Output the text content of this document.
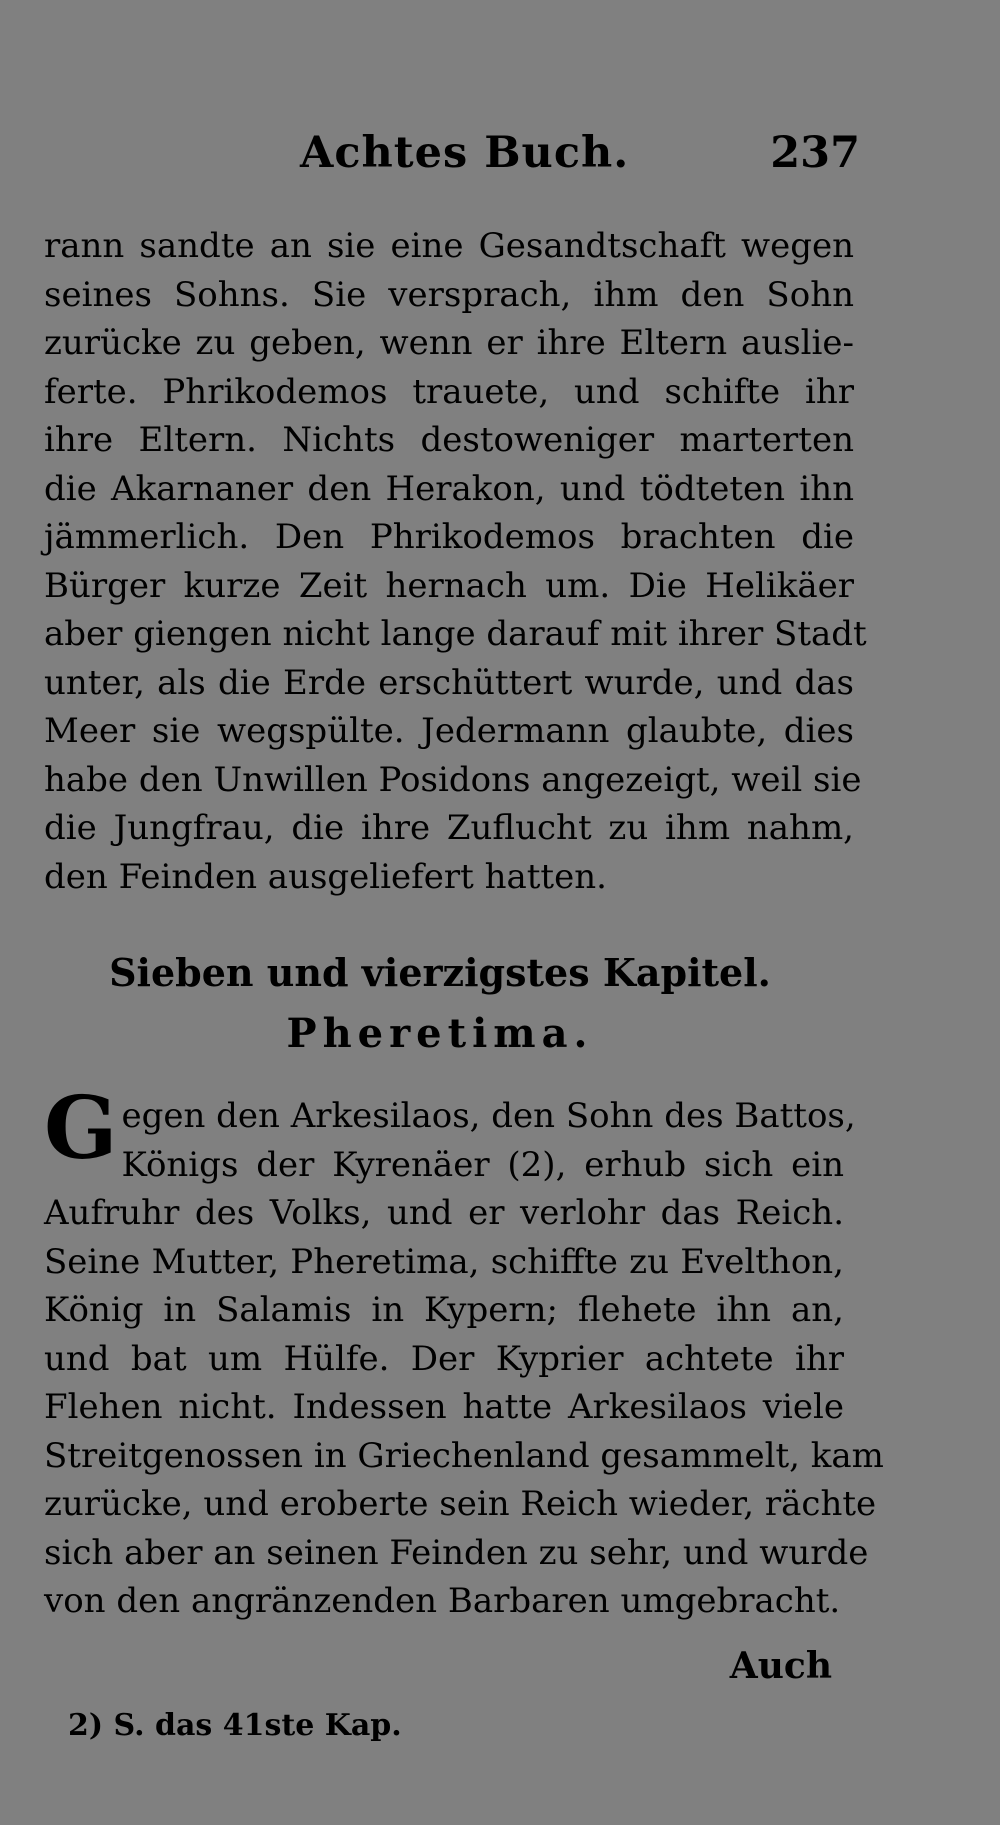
Achtes Buch.	237
rann sandte an sie eine Gesandtschaft wegen
seines Sohns. Sie versprach, ihm den Sohn
zurücke zu geben, wenn er ihre Eltern auslie-
ferte. Phrikodemos trauete, und schifte ihr
ihre Eltern. Nichts destoweniger marterten
die Akarnaner den Herakon, und tödteten ihn
jämmerlich. Den Phrikodemos brachten die
Bürger kurze Zeit hernach um. Die Helikäer
aber giengen nicht lange darauf mit ihrer Stadt
unter, als die Erde erschüttert wurde, und das
Meer sie wegspülte. Jedermann glaubte, dies
habe den Unwillen Posidons angezeigt, weil sie
die Jungfrau, die ihre Zuflucht zu ihm nahm,
den Feinden ausgeliefert hatten.
Sieben und vierzigstes Kapitel.
Pheretima.
G egen den Arkesilaos, den Sohn des Battos,
Königs der Kyrenäer (2), erhub sich ein
Aufruhr des Volks, und er verlohr das Reich.
Seine Mutter, Pheretima, schiffte zu Evelthon,
König in Salamis in Kypern; flehete ihn an,
und bat um Hülfe. Der Kyprier achtete ihr
Flehen nicht. Indessen hatte Arkesilaos viele
Streitgenossen in Griechenland gesammelt, kam
zurücke, und eroberte sein Reich wieder, rächte
sich aber an seinen Feinden zu sehr, und wurde
von den angränzenden Barbaren umgebracht.
Auch
2) S. das 41ste Kap.
